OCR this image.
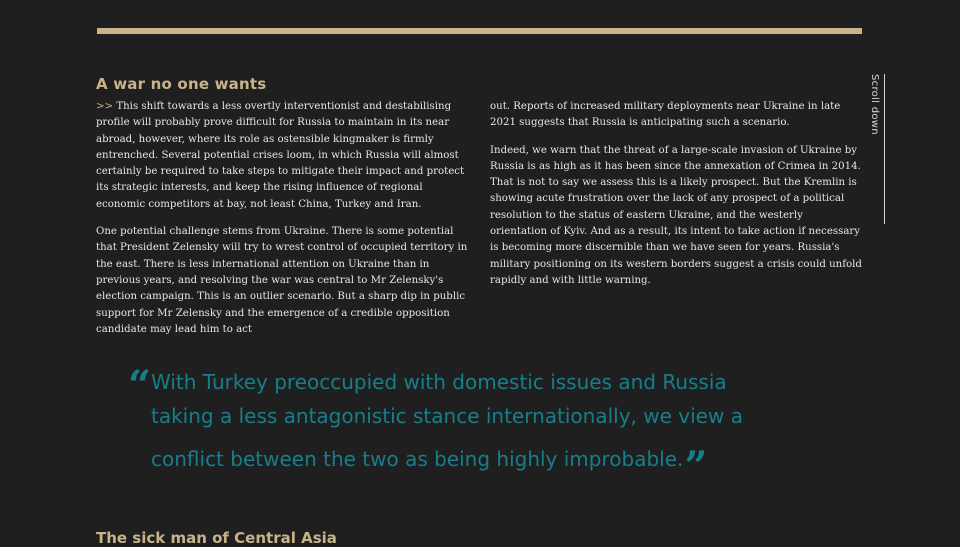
A war no one wants

>> This shift towards a less overtly interventionist and destabilising profile will probably prove difficult for Russia to maintain in its near abroad, however, where its role as ostensible kingmaker is firmly entrenched. Several potential crises loom, in which Russia will almost certainly be required to take steps to mitigate their impact and protect its strategic interests, and keep the rising influence of regional economic competitors at bay, not least China, Turkey and Iran.

One potential challenge stems from Ukraine. There is some potential that President Zelensky will try to wrest control of occupied territory in the east. There is less international attention on Ukraine than in previous years, and resolving the war was central to Mr Zelensky's election campaign. This is an outlier scenario. But a sharp dip in public support for Mr Zelensky and the emergence of a credible opposition candidate may lead him to act

out. Reports of increased military deployments near Ukraine in late 2021 suggests that Russia is anticipating such a scenario.

Indeed, we warn that the threat of a large-scale invasion of Ukraine by Russia is as high as it has been since the annexation of Crimea in 2014. That is not to say we assess this is a likely prospect. But the Kremlin is showing acute frustration over the lack of any prospect of a political resolution to the status of eastern Ukraine, and the westerly orientation of Kyiv. And as a result, its intent to take action if necessary is becoming more discernible than we have seen for years. Russia's military positioning on its western borders suggest a crisis could unfold rapidly and with little warning.

Scroll down
“ With Turkey preoccupied with domestic issues and Russia taking a less antagonistic stance internationally, we view a conflict between the two as being highly improbable.”

The sick man of Central Asia
